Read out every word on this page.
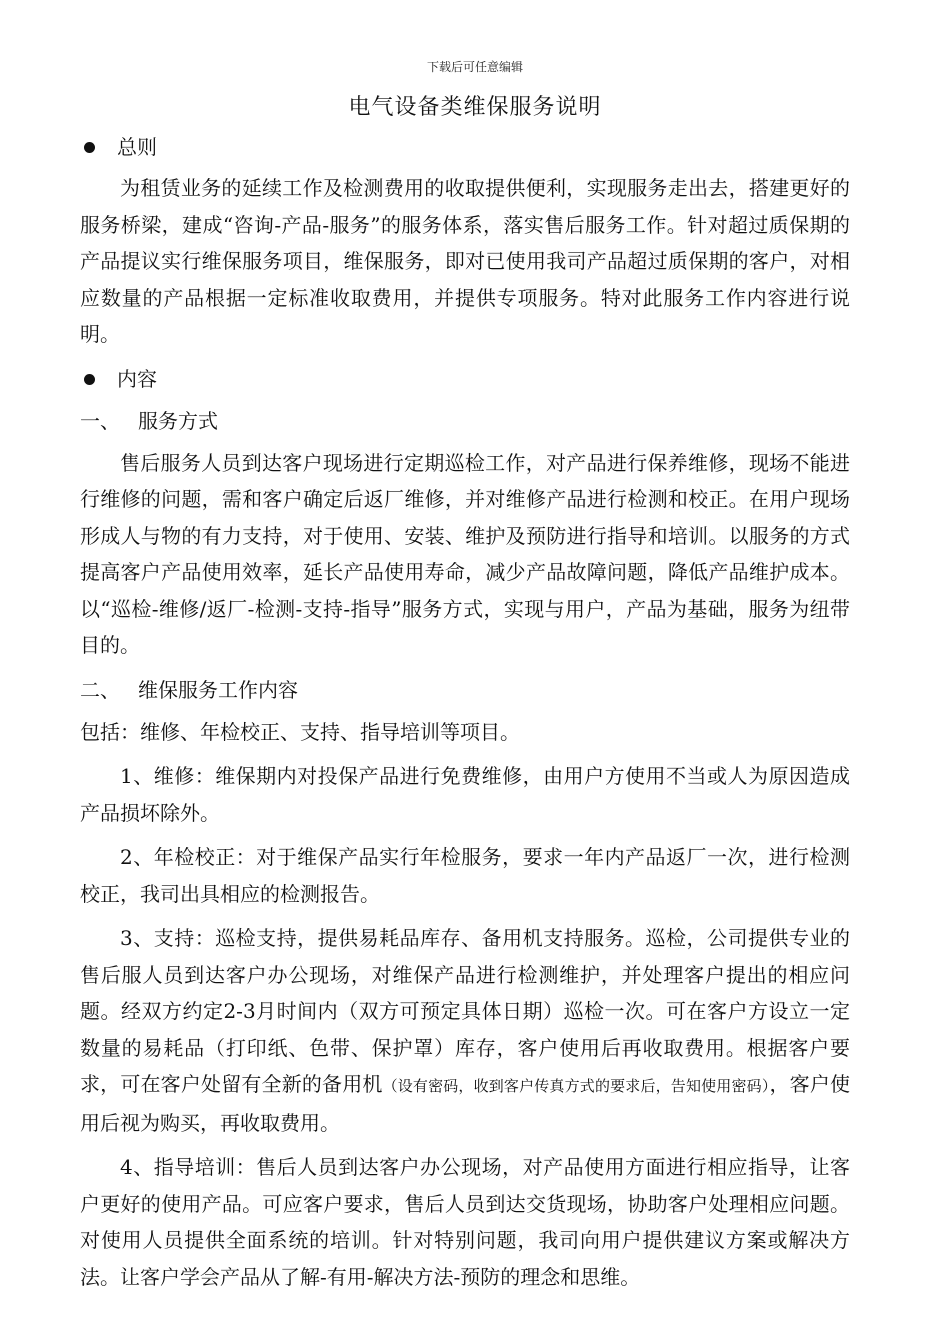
下载后可任意编辑
电气设备类维保服务说明
总则

为租赁业务的延续工作及检测费用的收取提供便利，实现服务走出去，搭建更好的服务桥梁，建成“咨询-产品-服务”的服务体系，落实售后服务工作。针对超过质保期的产品提议实行维保服务项目，维保服务，即对已使用我司产品超过质保期的客户，对相应数量的产品根据一定标准收取费用，并提供专项服务。特对此服务工作内容进行说明。

内容
一、 服务方式

售后服务人员到达客户现场进行定期巡检工作，对产品进行保养维修，现场不能进行维修的问题，需和客户确定后返厂维修，并对维修产品进行检测和校正。在用户现场形成人与物的有力支持，对于使用、安装、维护及预防进行指导和培训。以服务的方式提高客户产品使用效率，延长产品使用寿命，减少产品故障问题，降低产品维护成本。以“巡检-维修/返厂-检测-支持-指导”服务方式，实现与用户，产品为基础，服务为纽带目的。

二、 维保服务工作内容

包括：维修、年检校正、支持、指导培训等项目。

1、维修：维保期内对投保产品进行免费维修，由用户方使用不当或人为原因造成产品损坏除外。

2、年检校正：对于维保产品实行年检服务，要求一年内产品返厂一次，进行检测校正，我司出具相应的检测报告。

3、支持：巡检支持，提供易耗品库存、备用机支持服务。巡检，公司提供专业的售后服人员到达客户办公现场，对维保产品进行检测维护，并处理客户提出的相应问题。经双方约定2-3月时间内（双方可预定具体日期）巡检一次。可在客户方设立一定数量的易耗品（打印纸、色带、保护罩）库存，客户使用后再收取费用。根据客户要求，可在客户处留有全新的备用机（设有密码，收到客户传真方式的要求后，告知使用密码），客户使用后视为购买，再收取费用。

4、指导培训：售后人员到达客户办公现场，对产品使用方面进行相应指导，让客户更好的使用产品。可应客户要求，售后人员到达交货现场，协助客户处理相应问题。对使用人员提供全面系统的培训。针对特别问题，我司向用户提供建议方案或解决方法。让客户学会产品从了解-有用-解决方法-预防的理念和思维。
